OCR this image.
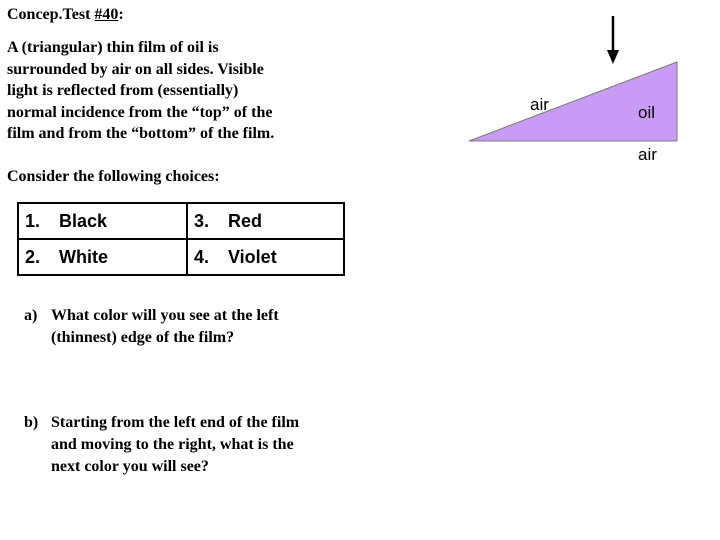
Concep.Test #40:
A (triangular) thin film of oil is
surrounded by air on all sides. Visible
light is reflected from (essentially)
normal incidence from the “top” of the
film and from the “bottom” of the film.
air	oil
air
Consider the following choices:
1. Black	3. Red
2. White	4. Violet
a) What color will you see at the left
(thinnest) edge of the film?
b) Starting from the left end of the film
and moving to the right, what is the
next color you will see?
